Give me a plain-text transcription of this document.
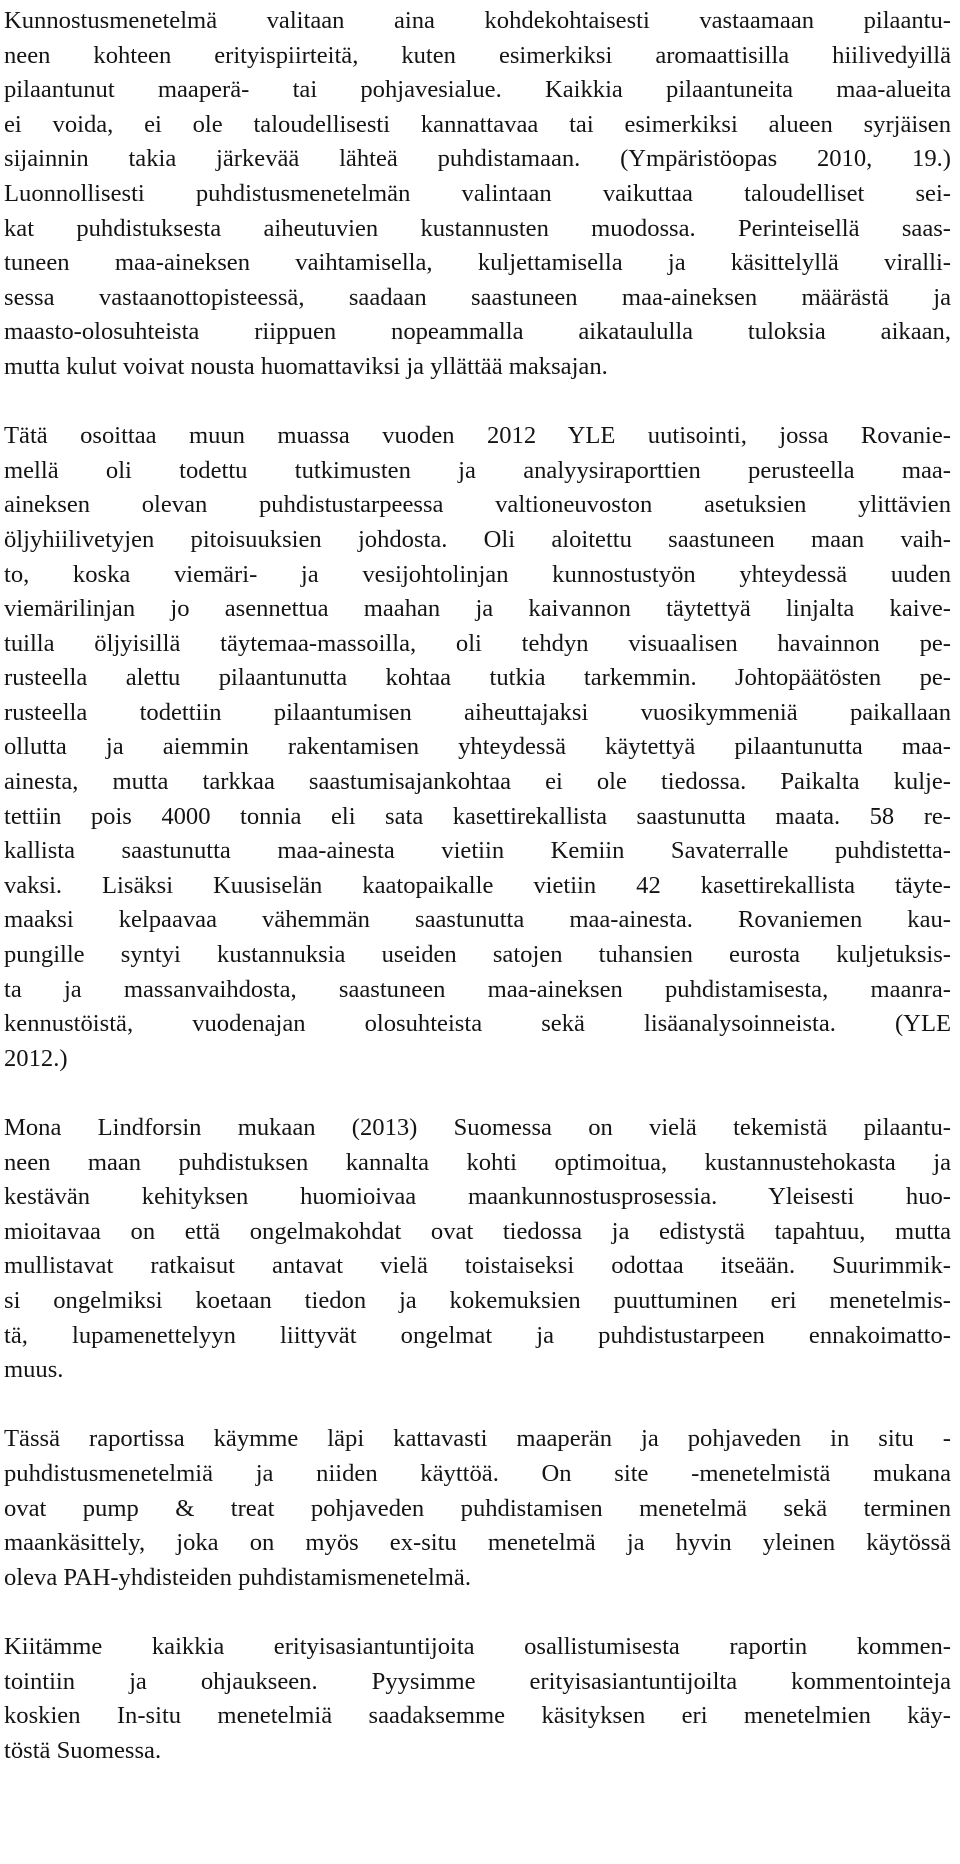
Kunnostusmenetelmä valitaan aina kohdekohtaisesti vastaamaan pilaantu-
neen kohteen erityispiirteitä, kuten esimerkiksi aromaattisilla hiilivedyillä
pilaantunut maaperä- tai pohjavesialue. Kaikkia pilaantuneita maa-alueita
ei voida, ei ole taloudellisesti kannattavaa tai esimerkiksi alueen syrjäisen
sijainnin takia järkevää lähteä puhdistamaan. (Ympäristöopas 2010, 19.)
Luonnollisesti puhdistusmenetelmän valintaan vaikuttaa taloudelliset sei-
kat puhdistuksesta aiheutuvien kustannusten muodossa. Perinteisellä saas-
tuneen maa-aineksen vaihtamisella, kuljettamisella ja käsittelyllä viralli-
sessa vastaanottopisteessä, saadaan saastuneen maa-aineksen määrästä ja
maasto-olosuhteista riippuen nopeammalla aikataululla tuloksia aikaan,
mutta kulut voivat nousta huomattaviksi ja yllättää maksajan.

Tätä osoittaa muun muassa vuoden 2012 YLE uutisointi, jossa Rovanie-
mellä oli todettu tutkimusten ja analyysiraporttien perusteella maa-
aineksen olevan puhdistustarpeessa valtioneuvoston asetuksien ylittävien
öljyhiilivetyjen pitoisuuksien johdosta. Oli aloitettu saastuneen maan vaih-
to, koska viemäri- ja vesijohtolinjan kunnostustyön yhteydessä uuden
viemärilinjan jo asennettua maahan ja kaivannon täytettyä linjalta kaive-
tuilla öljyisillä täytemaa-massoilla, oli tehdyn visuaalisen havainnon pe-
rusteella alettu pilaantunutta kohtaa tutkia tarkemmin. Johtopäätösten pe-
rusteella todettiin pilaantumisen aiheuttajaksi vuosikymmeniä paikallaan
ollutta ja aiemmin rakentamisen yhteydessä käytettyä pilaantunutta maa-
ainesta, mutta tarkkaa saastumisajankohtaa ei ole tiedossa. Paikalta kulje-
tettiin pois 4000 tonnia eli sata kasettirekallista saastunutta maata. 58 re-
kallista saastunutta maa-ainesta vietiin Kemiin Savaterralle puhdistetta-
vaksi. Lisäksi Kuusiselän kaatopaikalle vietiin 42 kasettirekallista täyte-
maaksi kelpaavaa vähemmän saastunutta maa-ainesta. Rovaniemen kau-
pungille syntyi kustannuksia useiden satojen tuhansien eurosta kuljetuksis-
ta ja massanvaihdosta, saastuneen maa-aineksen puhdistamisesta, maanra-
kennustöistä, vuodenajan olosuhteista sekä lisäanalysoinneista. (YLE
2012.)

Mona Lindforsin mukaan (2013) Suomessa on vielä tekemistä pilaantu-
neen maan puhdistuksen kannalta kohti optimoitua, kustannustehokasta ja
kestävän kehityksen huomioivaa maankunnostusprosessia. Yleisesti huo-
mioitavaa on että ongelmakohdat ovat tiedossa ja edistystä tapahtuu, mutta
mullistavat ratkaisut antavat vielä toistaiseksi odottaa itseään. Suurimmik-
si ongelmiksi koetaan tiedon ja kokemuksien puuttuminen eri menetelmis-
tä, lupamenettelyyn liittyvät ongelmat ja puhdistustarpeen ennakoimatto-
muus.

Tässä raportissa käymme läpi kattavasti maaperän ja pohjaveden in situ -
puhdistusmenetelmiä ja niiden käyttöä. On site -menetelmistä mukana
ovat pump & treat pohjaveden puhdistamisen menetelmä sekä terminen
maankäsittely, joka on myös ex-situ menetelmä ja hyvin yleinen käytössä
oleva PAH-yhdisteiden puhdistamismenetelmä.

Kiitämme kaikkia erityisasiantuntijoita osallistumisesta raportin kommen-
tointiin ja ohjaukseen. Pyysimme erityisasiantuntijoilta kommentointeja
koskien In-situ menetelmiä saadaksemme käsityksen eri menetelmien käy-
töstä Suomessa.
